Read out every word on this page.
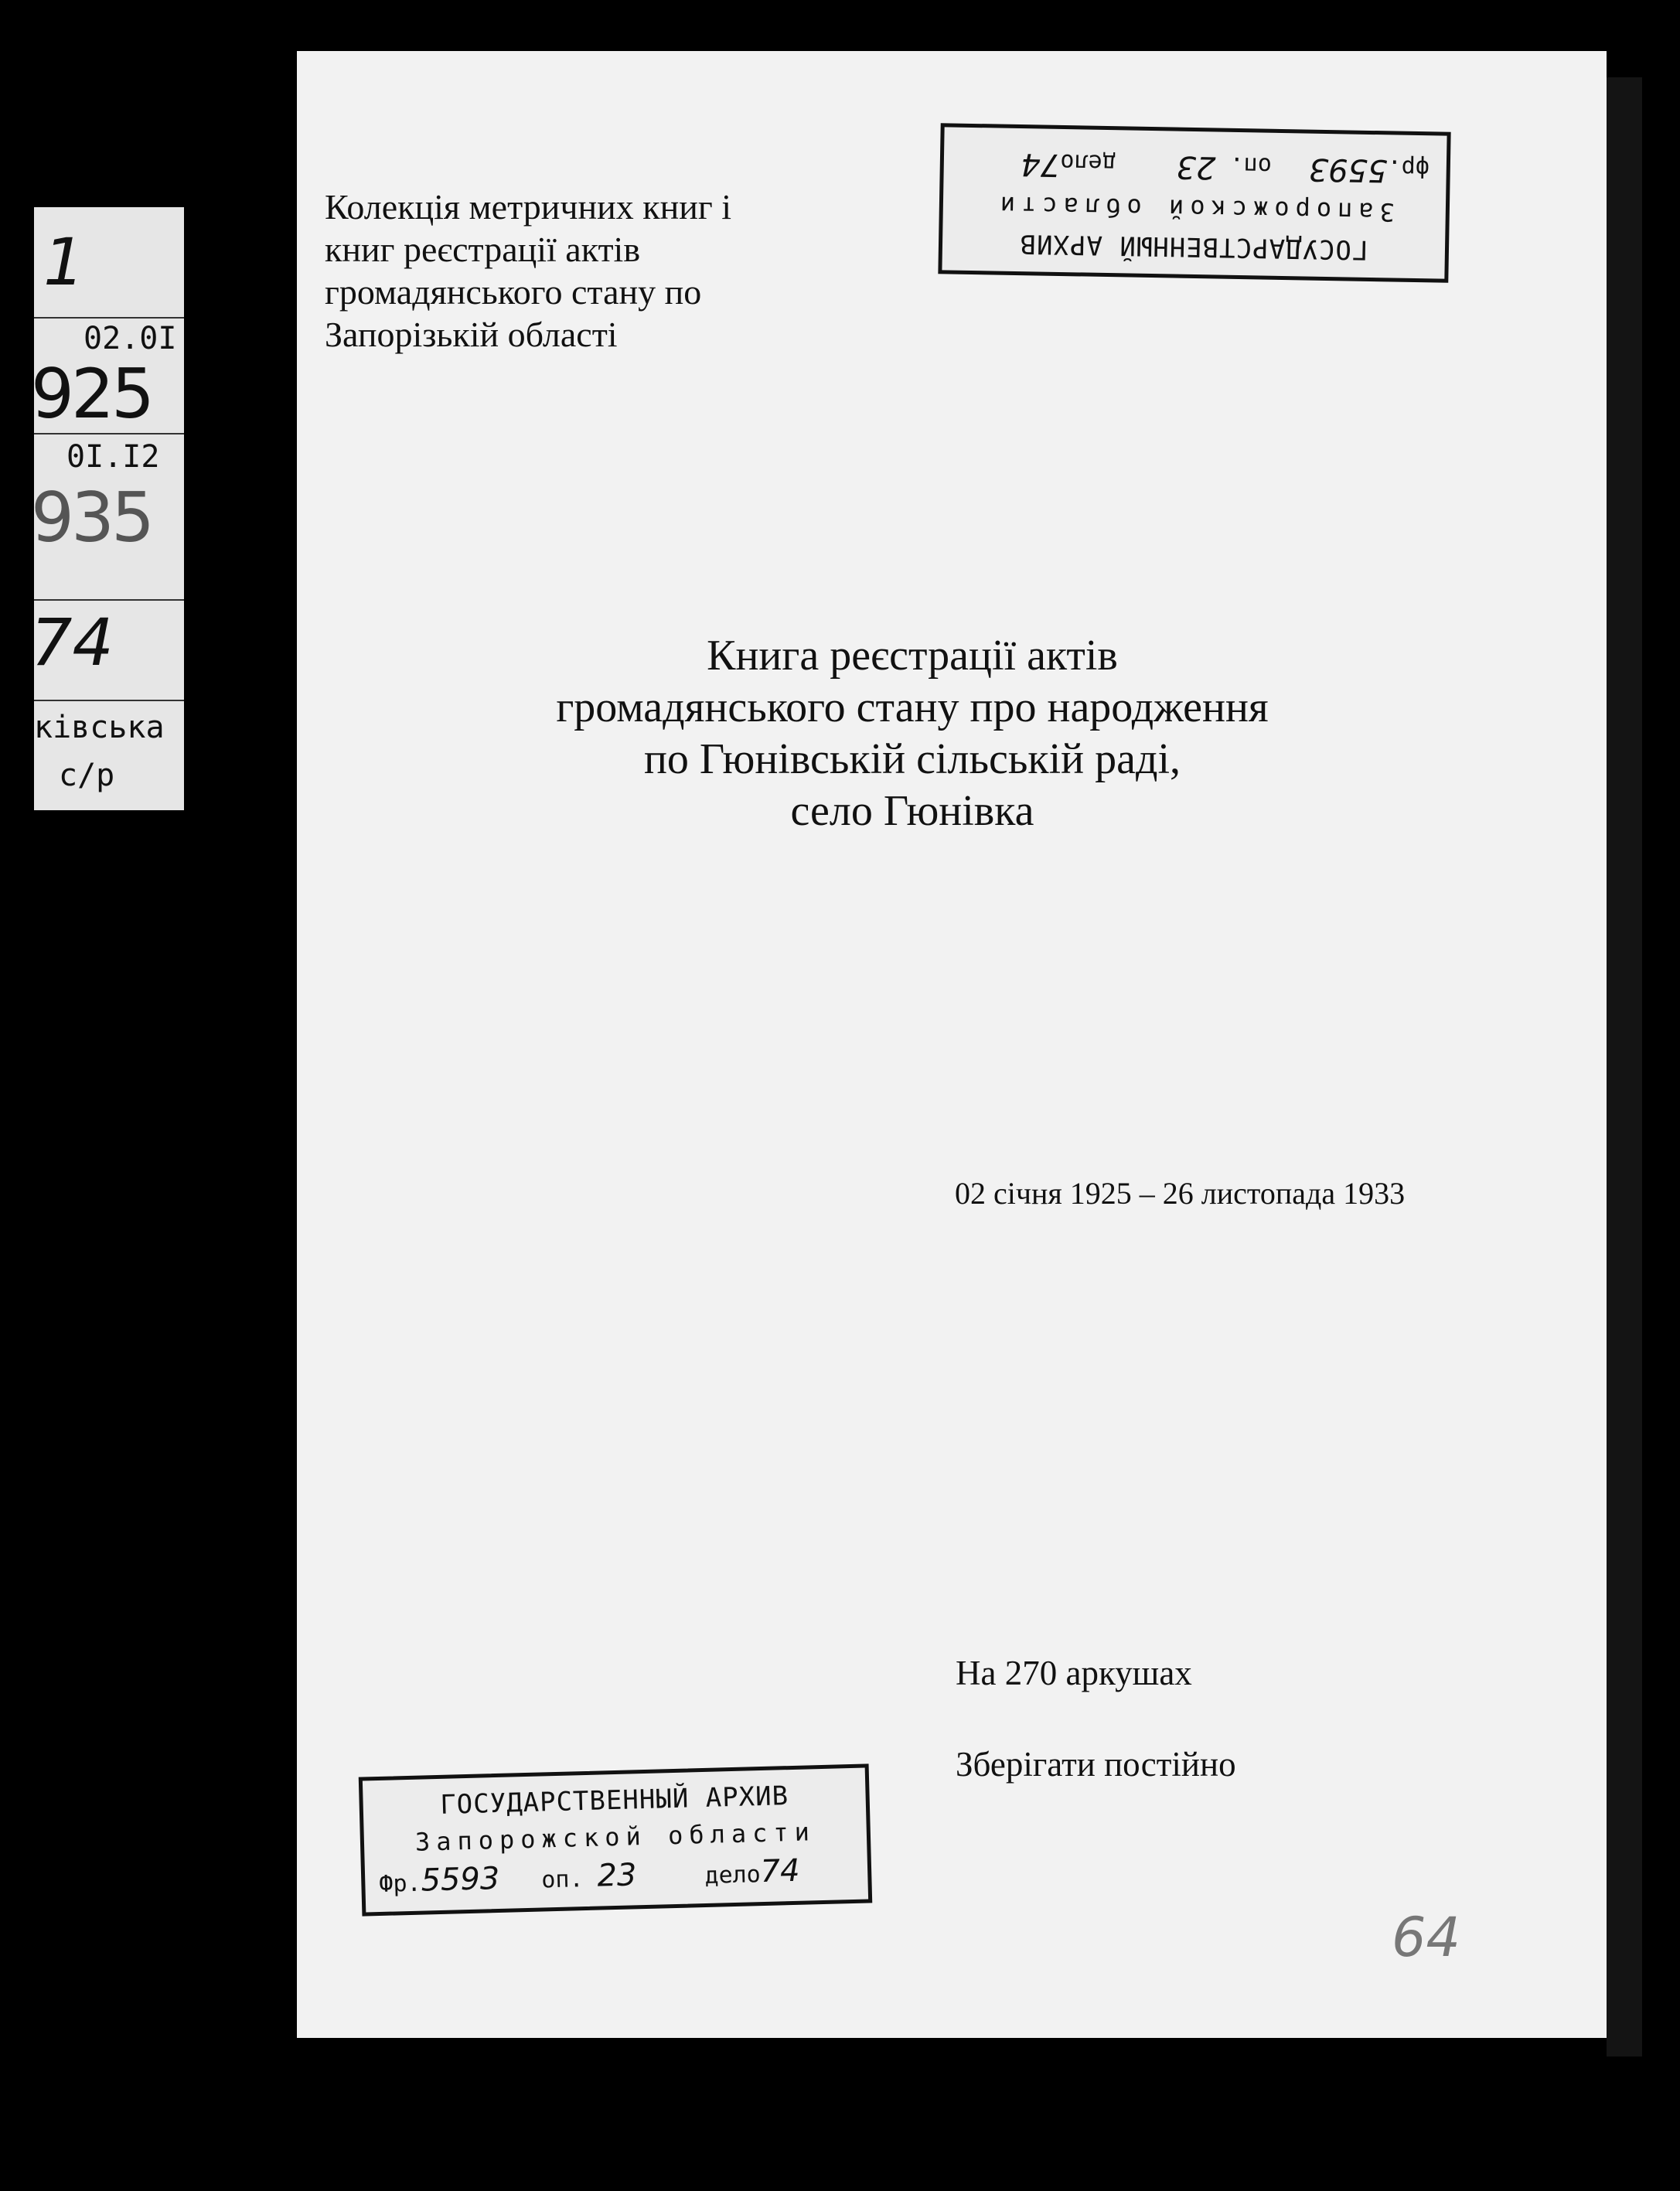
1
02.0I
925
0I.I2
935
74
ківська
с/р
Колекція метричних книг і
книг реєстрації актів
громадянського стану по
Запорізькій області
Книга реєстрації актів
громадянського стану про народження
по Гюнівській сільській раді,
село Гюнівка
02 січня 1925 – 26 листопада 1933
На 270 аркушах
Зберігати постійно
ГОСУДАРСТВЕННЫЙ АРХИВ
Запорожской области
Фр.5593 оп. 23	дело74
ГОСУДАРСТВЕННЫЙ АРХИВ
Запорожской области
фр.5593 оп. 23 дело74
64
